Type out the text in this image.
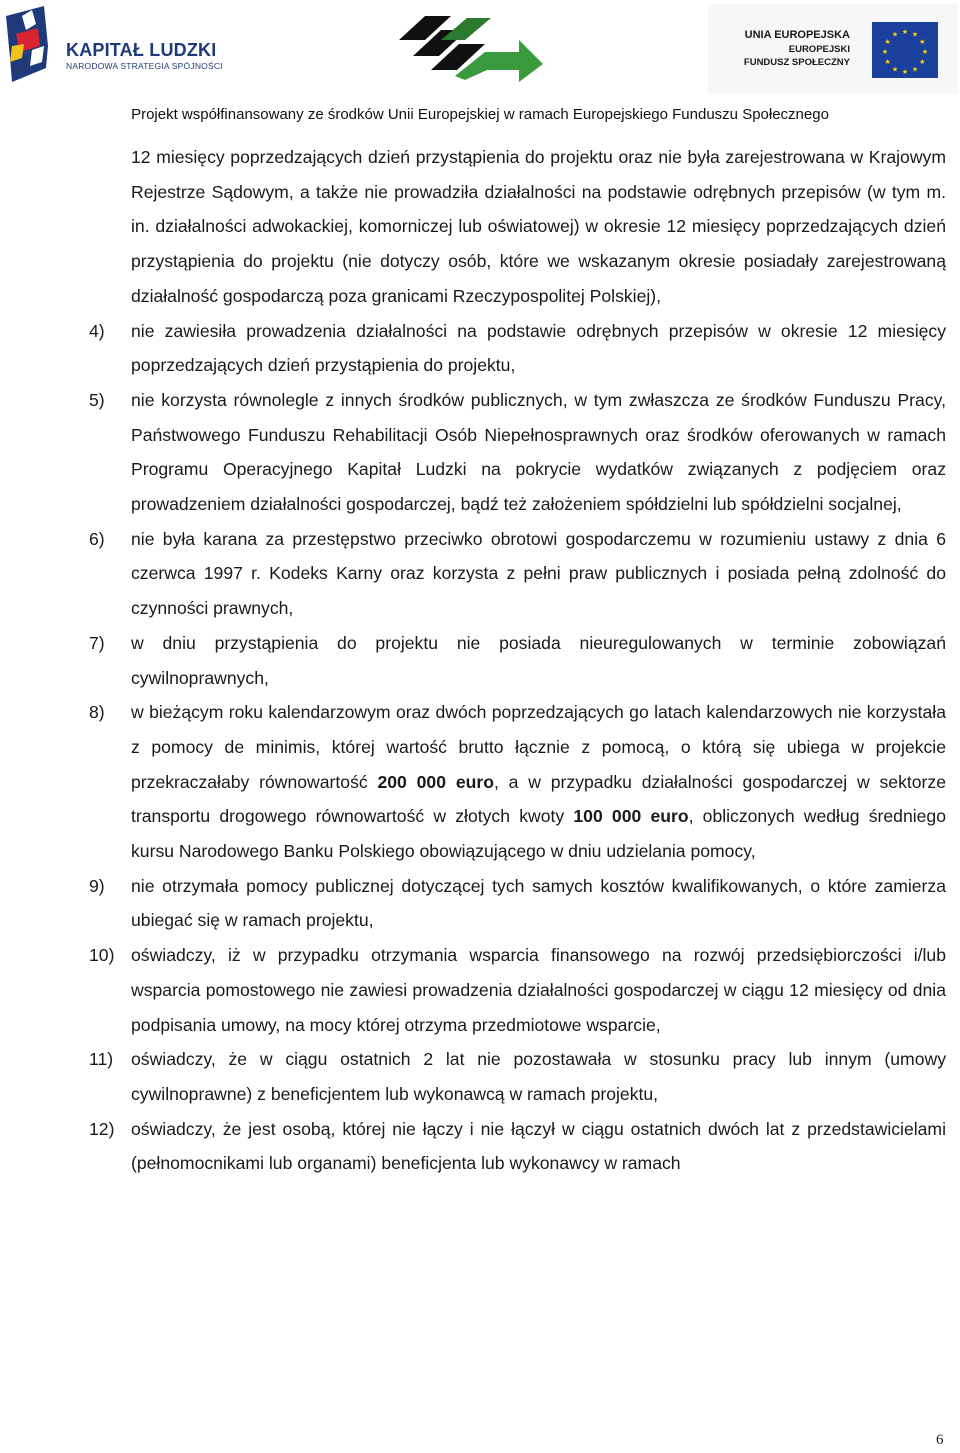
KAPITAŁ LUDZKI
NARODOWA STRATEGIA SPÓJNOŚCI
UNIA EUROPEJSKA
EUROPEJSKI
FUNDUSZ SPOŁECZNY
★ ★
★
★
★
★
★
★
★
★
★
★
Projekt współfinansowany ze środków Unii Europejskiej w ramach Europejskiego Funduszu Społecznego

12 miesięcy poprzedzających dzień przystąpienia do projektu oraz nie była zarejestrowana w Krajowym Rejestrze Sądowym, a także nie prowadziła działalności na podstawie odrębnych przepisów (w tym m. in. działalności adwokackiej, komorniczej lub oświatowej) w okresie 12 miesięcy poprzedzających dzień przystąpienia do projektu (nie dotyczy osób, które we wskazanym okresie posiadały zarejestrowaną działalność gospodarczą poza granicami Rzeczypospolitej Polskiej),

4)	nie zawiesiła prowadzenia działalności na podstawie odrębnych przepisów w okresie 12 miesięcy poprzedzających dzień przystąpienia do projektu,
5)	nie korzysta równolegle z innych środków publicznych, w tym zwłaszcza ze środków Funduszu Pracy, Państwowego Funduszu Rehabilitacji Osób Niepełnosprawnych oraz środków oferowanych w ramach Programu Operacyjnego Kapitał Ludzki na pokrycie wydatków związanych z podjęciem oraz prowadzeniem działalności gospodarczej, bądź też założeniem spółdzielni lub spółdzielni socjalnej,
6)	nie była karana za przestępstwo przeciwko obrotowi gospodarczemu w rozumieniu ustawy z dnia 6 czerwca 1997 r. Kodeks Karny oraz korzysta z pełni praw publicznych i posiada pełną zdolność do czynności prawnych,
7)	w dniu przystąpienia do projektu nie posiada nieuregulowanych w terminie zobowiązań cywilnoprawnych,
8)	w bieżącym roku kalendarzowym oraz dwóch poprzedzających go latach kalendarzowych nie korzystała z pomocy de minimis, której wartość brutto łącznie z pomocą, o którą się ubiega w projekcie przekraczałaby równowartość 200 000 euro, a w przypadku działalności gospodarczej w sektorze transportu drogowego równowartość w złotych kwoty 100 000 euro, obliczonych według średniego kursu Narodowego Banku Polskiego obowiązującego w dniu udzielania pomocy,
9)	nie otrzymała pomocy publicznej dotyczącej tych samych kosztów kwalifikowanych, o które zamierza ubiegać się w ramach projektu,
10) oświadczy, iż w przypadku otrzymania wsparcia finansowego na rozwój przedsiębiorczości i/lub wsparcia pomostowego nie zawiesi prowadzenia działalności gospodarczej w ciągu 12 miesięcy od dnia podpisania umowy, na mocy której otrzyma przedmiotowe wsparcie,
11)	oświadczy, że w ciągu ostatnich 2 lat nie pozostawała w stosunku pracy lub innym (umowy cywilnoprawne) z beneficjentem lub wykonawcą w ramach projektu,
12) oświadczy, że jest osobą, której nie łączy i nie łączył w ciągu ostatnich dwóch lat z przedstawicielami (pełnomocnikami lub organami) beneficjenta lub wykonawcy w ramach
6
